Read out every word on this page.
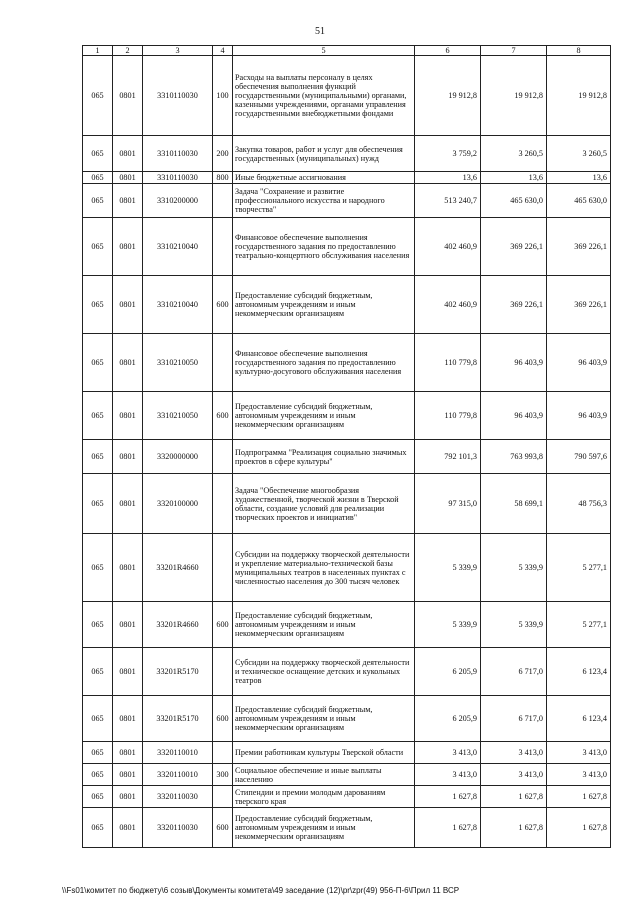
51
1	2	3	4	5	6	7	8
065	0801	3310110030	100	Расходы на выплаты персоналу в целях обеспечения выполнения функций государственными (муниципальными) органами, казенными учреждениями, органами управления государственными внебюджетными фондами	19 912,8	19 912,8	19 912,8
065	0801	3310110030	200	Закупка товаров, работ и услуг для обеспечения государственных (муниципальных) нужд	3 759,2	3 260,5	3 260,5
065	0801	3310110030	800	Иные бюджетные ассигнования	13,6	13,6	13,6
065	0801	3310200000		Задача "Сохранение и развитие профессионального искусства и народного творчества"	513 240,7	465 630,0	465 630,0
065	0801	3310210040		Финансовое обеспечение выполнения государственного задания по предоставлению театрально-концертного обслуживания населения	402 460,9	369 226,1	369 226,1
065	0801	3310210040	600	Предоставление субсидий бюджетным, автономным учреждениям и иным некоммерческим организациям	402 460,9	369 226,1	369 226,1
065	0801	3310210050		Финансовое обеспечение выполнения государственного задания по предоставлению культурно-досугового обслуживания населения	110 779,8	96 403,9	96 403,9
065	0801	3310210050	600	Предоставление субсидий бюджетным, автономным учреждениям и иным некоммерческим организациям	110 779,8	96 403,9	96 403,9
065	0801	3320000000		Подпрограмма "Реализация социально значимых проектов в сфере культуры"	792 101,3	763 993,8	790 597,6
065	0801	3320100000		Задача "Обеспечение многообразия художественной, творческой жизни в Тверской области, создание условий для реализации творческих проектов и инициатив"	97 315,0	58 699,1	48 756,3
065	0801	33201R4660		Субсидии на поддержку творческой деятельности и укрепление материально-технической базы муниципальных театров в населенных пунктах с численностью населения до 300 тысяч человек	5 339,9	5 339,9	5 277,1
065	0801	33201R4660	600	Предоставление субсидий бюджетным, автономным учреждениям и иным некоммерческим организациям	5 339,9	5 339,9	5 277,1
065	0801	33201R5170		Субсидии на поддержку творческой деятельности и техническое оснащение детских и кукольных театров	6 205,9	6 717,0	6 123,4
065	0801	33201R5170	600	Предоставление субсидий бюджетным, автономным учреждениям и иным некоммерческим организациям	6 205,9	6 717,0	6 123,4
065	0801	3320110010		Премии работникам культуры Тверской области	3 413,0	3 413,0	3 413,0
065	0801	3320110010	300	Социальное обеспечение и иные выплаты населению	3 413,0	3 413,0	3 413,0
065	0801	3320110030		Стипендии и премии молодым дарованиям тверского края	1 627,8	1 627,8	1 627,8
065	0801	3320110030	600	Предоставление субсидий бюджетным, автономным учреждениям и иным некоммерческим организациям	1 627,8	1 627,8	1 627,8
\\Fs01\комитет по бюджету\6 созыв\Документы комитета\49 заседание (12)\pr\zpr(49) 956-П-6\Прил 11 ВСР
